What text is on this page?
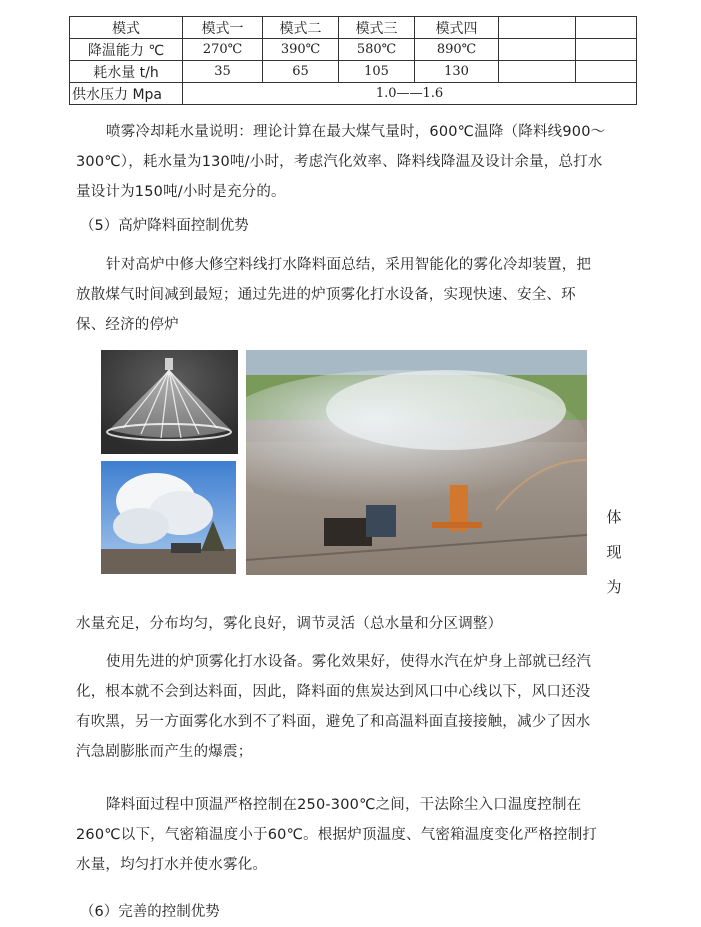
模式	模式一	模式二	模式三	模式四		
降温能力 ℃	270℃	390℃	580℃	890℃		
耗水量 t/h	35	65	105	130		
供水压力 Mpa	1.0——1.6					
喷雾冷却耗水量说明：理论计算在最大煤气量时，600℃温降（降料线900～
300℃），耗水量为130吨/小时，考虑汽化效率、降料线降温及设计余量，总打水
量设计为150吨/小时是充分的。
（5）高炉降料面控制优势
针对高炉中修大修空料线打水降料面总结，采用智能化的雾化冷却装置，把
放散煤气时间减到最短；通过先进的炉顶雾化打水设备，实现快速、安全、环
保、经济的停炉
体
现
为
水量充足，分布均匀，雾化良好，调节灵活（总水量和分区调整）
使用先进的炉顶雾化打水设备。雾化效果好，使得水汽在炉身上部就已经汽
化，根本就不会到达料面，因此，降料面的焦炭达到风口中心线以下，风口还没
有吹黑，另一方面雾化水到不了料面，避免了和高温料面直接接触，减少了因水
汽急剧膨胀而产生的爆震；
降料面过程中顶温严格控制在250-300℃之间，干法除尘入口温度控制在
260℃以下，气密箱温度小于60℃。根据炉顶温度、气密箱温度变化严格控制打
水量，均匀打水并使水雾化。
（6）完善的控制优势
